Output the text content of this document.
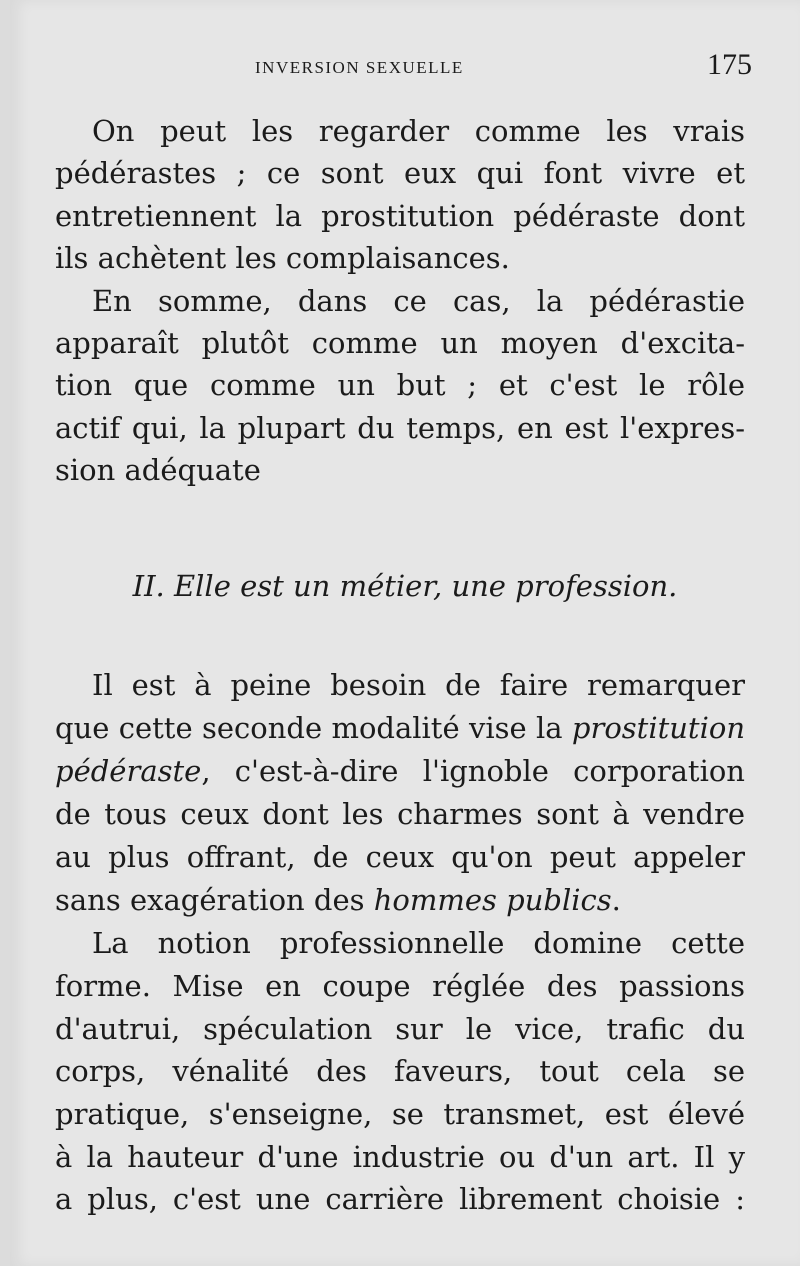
INVERSION SEXUELLE	175
On peut les regarder comme les vrais
pédérastes ; ce sont eux qui font vivre et
entretiennent la prostitution pédéraste dont
ils achètent les complaisances.
En somme, dans ce cas, la pédérastie
apparaît plutôt comme un moyen d'excita-
tion que comme un but ; et c'est le rôle
actif qui, la plupart du temps, en est l'expres-
sion adéquate
II. Elle est un métier, une profession.
Il est à peine besoin de faire remarquer
que cette seconde modalité vise la prostitution
pédéraste, c'est-à-dire l'ignoble corporation
de tous ceux dont les charmes sont à vendre
au plus offrant, de ceux qu'on peut appeler
sans exagération des hommes publics.
La notion professionnelle domine cette
forme. Mise en coupe réglée des passions
d'autrui, spéculation sur le vice, trafic du
corps, vénalité des faveurs, tout cela se
pratique, s'enseigne, se transmet, est élevé
à la hauteur d'une industrie ou d'un art. Il y
a plus, c'est une carrière librement choisie :
